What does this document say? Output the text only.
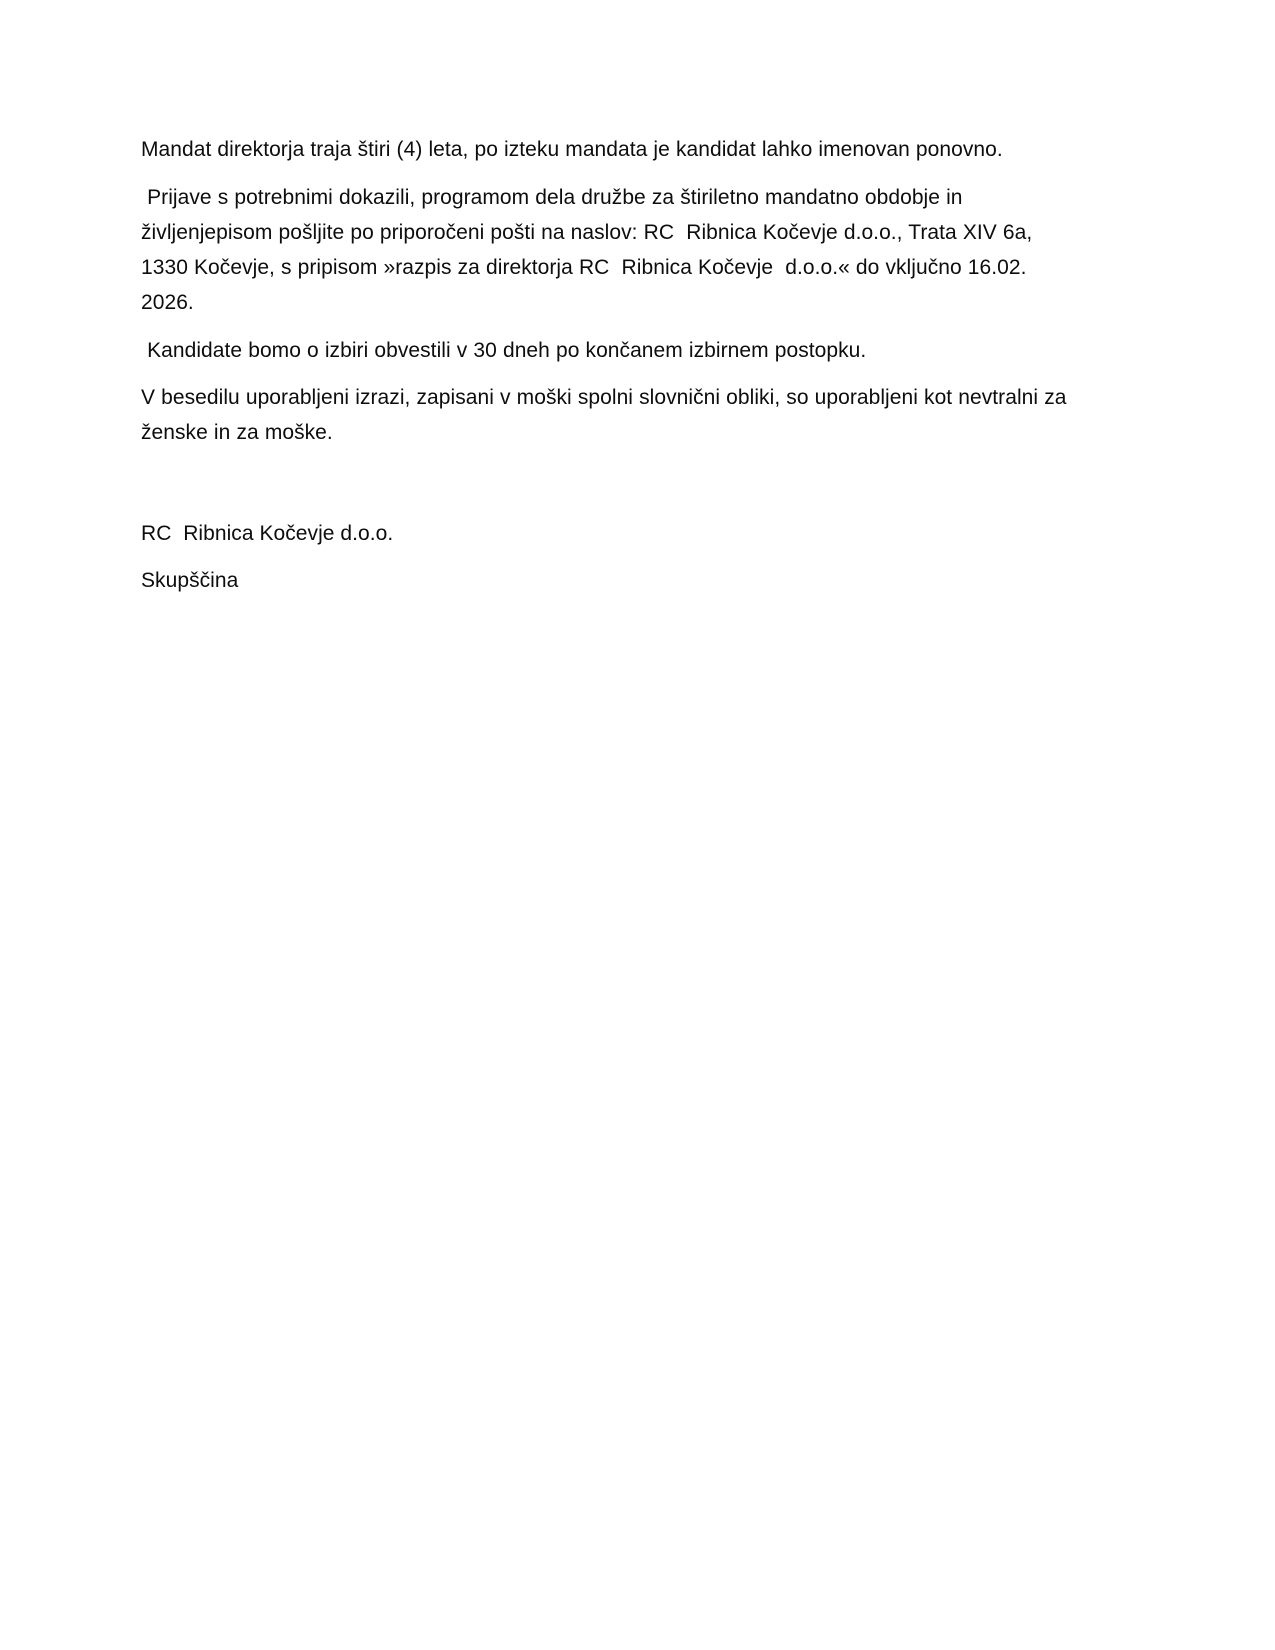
Mandat direktorja traja štiri (4) leta, po izteku mandata je kandidat lahko imenovan ponovno.

Prijave s potrebnimi dokazili, programom dela družbe za štiriletno mandatno obdobje in življenjepisom pošljite po priporočeni pošti na naslov: RC  Ribnica Kočevje d.o.o., Trata XIV 6a, 1330 Kočevje, s pripisom »razpis za direktorja RC  Ribnica Kočevje  d.o.o.« do vključno 16.02. 2026.

Kandidate bomo o izbiri obvestili v 30 dneh po končanem izbirnem postopku.

V besedilu uporabljeni izrazi, zapisani v moški spolni slovnični obliki, so uporabljeni kot nevtralni za ženske in za moške.

RC  Ribnica Kočevje d.o.o.

Skupščina
